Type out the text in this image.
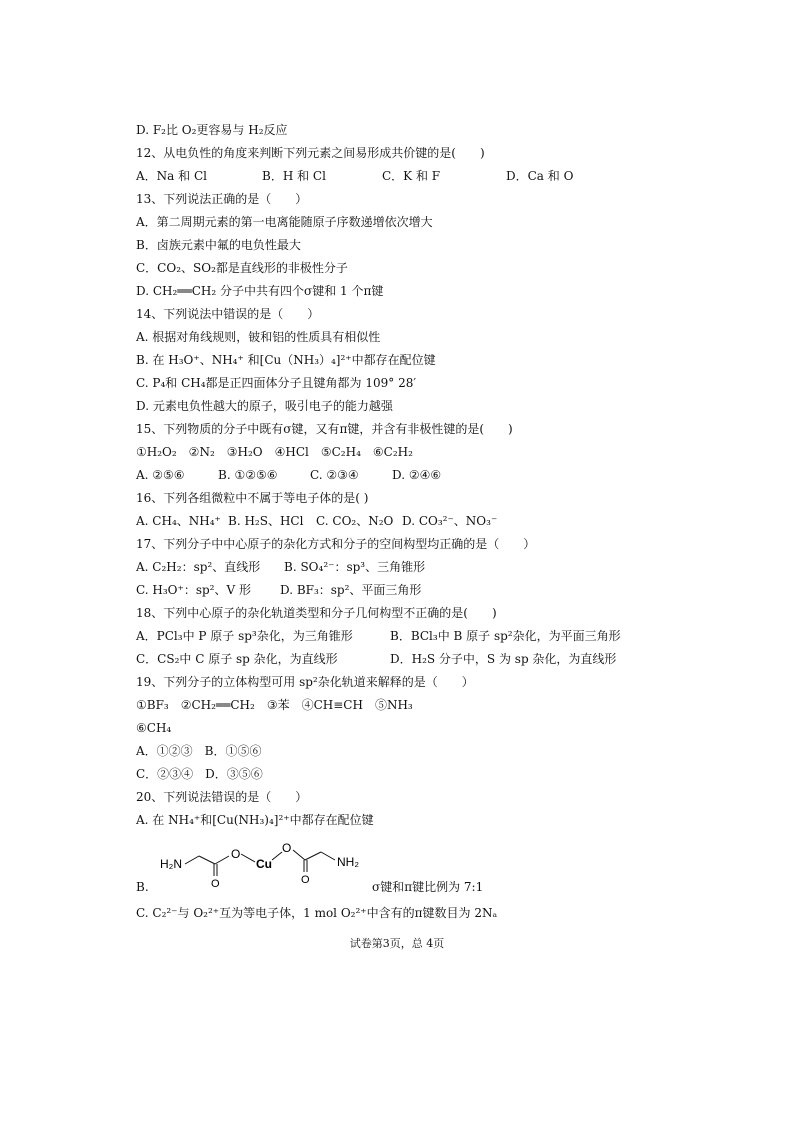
D. F₂比 O₂更容易与 H₂反应
12、从电负性的角度来判断下列元素之间易形成共价键的是(　　)
A．Na 和 Cl	B．H 和 Cl	C．K 和 F	D．Ca 和 O
13、下列说法正确的是（　　）
A．第二周期元素的第一电离能随原子序数递增依次增大
B．卤族元素中氟的电负性最大
C．CO₂、SO₂都是直线形的非极性分子
D. CH₂══CH₂ 分子中共有四个σ键和 1 个π键
14、下列说法中错误的是（　　）
A. 根据对角线规则，铍和铝的性质具有相似性
B. 在 H₃O⁺、NH₄⁺ 和[Cu（NH₃）₄]²⁺中都存在配位键
C. P₄和 CH₄都是正四面体分子且键角都为 109° 28′
D. 元素电负性越大的原子，吸引电子的能力越强
15、下列物质的分子中既有σ键，又有π键，并含有非极性键的是(　　)
①H₂O₂　②N₂　③H₂O　④HCl　⑤C₂H₄　⑥C₂H₂
A. ②⑤⑥	B. ①②⑤⑥	C. ②③④	D. ②④⑥
16、下列各组微粒中不属于等电子体的是( )
A. CH₄、NH₄⁺ B. H₂S、HCl C. CO₂、N₂O D. CO₃²⁻、NO₃⁻
17、下列分子中中心原子的杂化方式和分子的空间构型均正确的是（　　）
A. C₂H₂：sp²、直线形 B. SO₄²⁻：sp³、三角锥形
C. H₃O⁺：sp²、V 形 D. BF₃：sp²、平面三角形
18、下列中心原子的杂化轨道类型和分子几何构型不正确的是(　　)
A．PCl₃中 P 原子 sp³杂化，为三角锥形	B．BCl₃中 B 原子 sp²杂化，为平面三角形
C．CS₂中 C 原子 sp 杂化，为直线形	D．H₂S 分子中，S 为 sp 杂化，为直线形
19、下列分子的立体构型可用 sp²杂化轨道来解释的是（　　）
①BF₃　②CH₂══CH₂　③苯　④CH≡CH　⑤NH₃
⑥CH₄
A．①②③　B．①⑤⑥
C．②③④　D．③⑤⑥
20、下列说法错误的是（　　）
A. 在 NH₄⁺和[Cu(NH₃)₄]²⁺中都存在配位键
H₂N
O
O
Cu
O
O
NH₂
B.	σ键和π键比例为 7:1
C. C₂²⁻与 O₂²⁺互为等电子体，1 mol O₂²⁺中含有的π键数目为 2Nₐ
试卷第3页，总 4页
